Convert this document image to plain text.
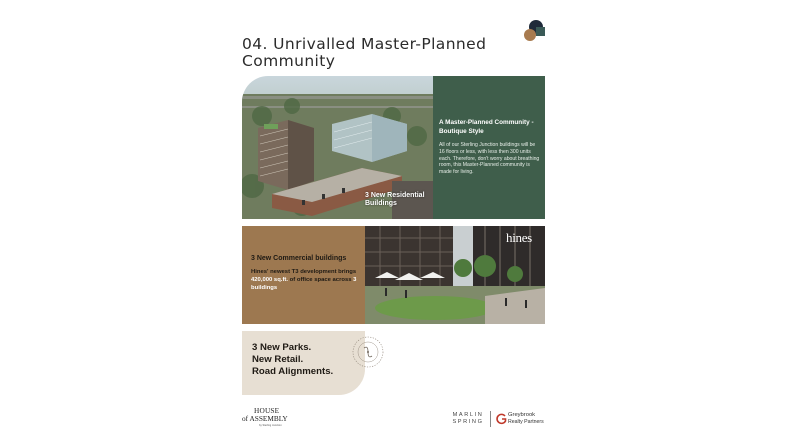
04. Unrivalled Master-Planned
Community
3 New Residential
Buildings
A Master-Planned Community -
Boutique Style
All of our Sterling Junction buildings will be 16 floors or less, with less then 300 units each. Therefore, don't worry about breathing room, this Master-Planned community is made for living.
3 New Commercial buildings
Hines' newest T3 development brings 420,000 sq.ft. of office space across 3 buildings
hines
3 New Parks.
New Retail.
Road Alignments.
HOUSE
of ASSEMBLY
by Sterling Junction
MARLIN
SPRING
Greybrook
Realty Partners
